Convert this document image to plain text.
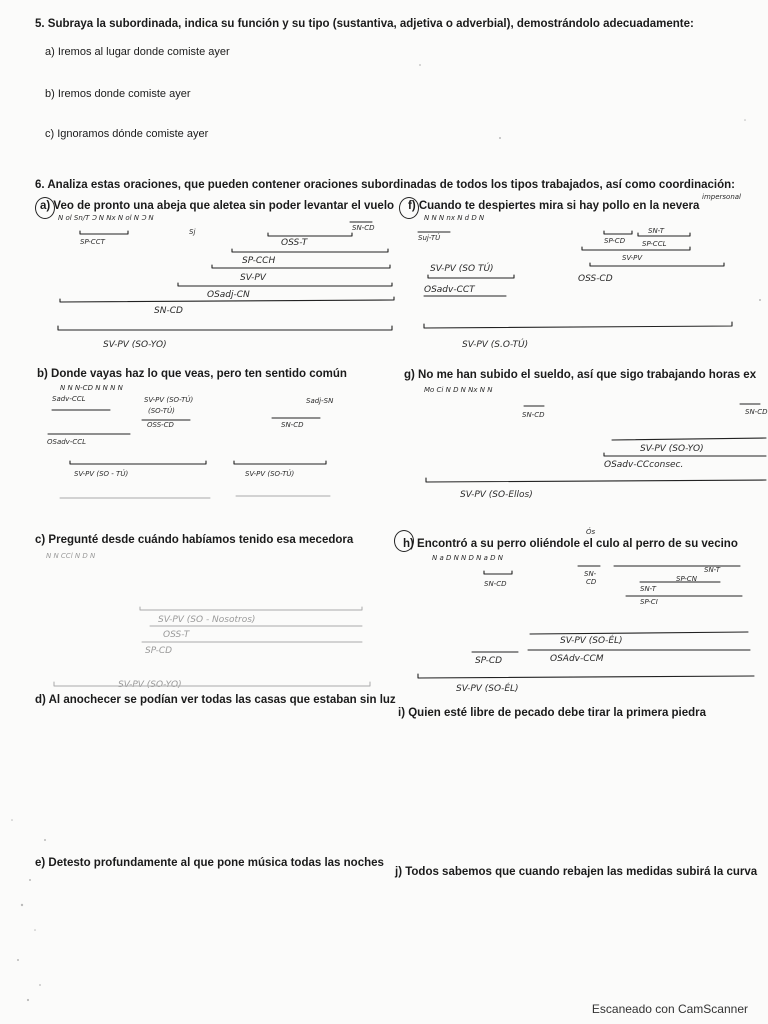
5. Subraya la subordinada, indica su función y su tipo (sustantiva, adjetiva o adverbial), demostrándolo adecuadamente:
a) Iremos al lugar donde comiste ayer
b) Iremos donde comiste ayer
c) Ignoramos dónde comiste ayer
6. Analiza estas oraciones, que pueden contener oraciones subordinadas de todos los tipos trabajados, así como coordinación:
a) Veo de pronto una abeja que aletea sin poder levantar el vuelo f) Cuando te despiertes mira si hay pollo en la nevera
b) Donde vayas haz lo que veas, pero ten sentido común	g) No me han subido el sueldo, así que sigo trabajando horas ex
c) Pregunté desde cuándo habíamos tenido esa mecedora	h) Encontró a su perro oliéndole el culo al perro de su vecino
d) Al anochecer se podían ver todas las casas que estaban sin luz
i) Quien esté libre de pecado debe tirar la primera piedra
e) Detesto profundamente al que pone música todas las noches
j) Todos sabemos que cuando rebajen las medidas subirá la curva
N ol Sn/T Ɔ N Nx N ol N Ɔ N
SN-CD
SP-CCT
Sj
OSS-T
SP-CCH
SV-PV
OSadj-CN
SN-CD
SV-PV (SO-YO)
N N N nx N d D N
impersonal
SN-T
SP-CD SP-CCL
SV-PV
Suj-TÚ
SV-PV (SO TÚ)
OSS-CD
OSadv-CCT
SV-PV (S.O-TÚ)
N N N-CD N N N N
Sadv-CCL	SV-PV (SO-TÚ)
(SO-TÚ)
OSS-CD
Sadj-SN
SN-CD
OSadv-CCL
SV-PV (SO - TÚ)	SV-PV (SO-TÚ)
Mo Ci N D N Nx N N
SN-CD	SN-CD
SV-PV (SO-YO)
OSadv-CCconsec.
SV-PV (SO-Ellos)
Ós
N a D N N D N a D N
SN-CD
SN-
CD
SN-T
SP-CN
SN-T
SP-CI
SV-PV (SO-ÉL)
SP-CD	OSAdv-CCM
SV-PV (SO-ÉL)
N N CCl N D N
SV-PV (SO - Nosotros)
OSS-T
SP-CD
SV-PV (SO-YO)
Escaneado con CamScanner
